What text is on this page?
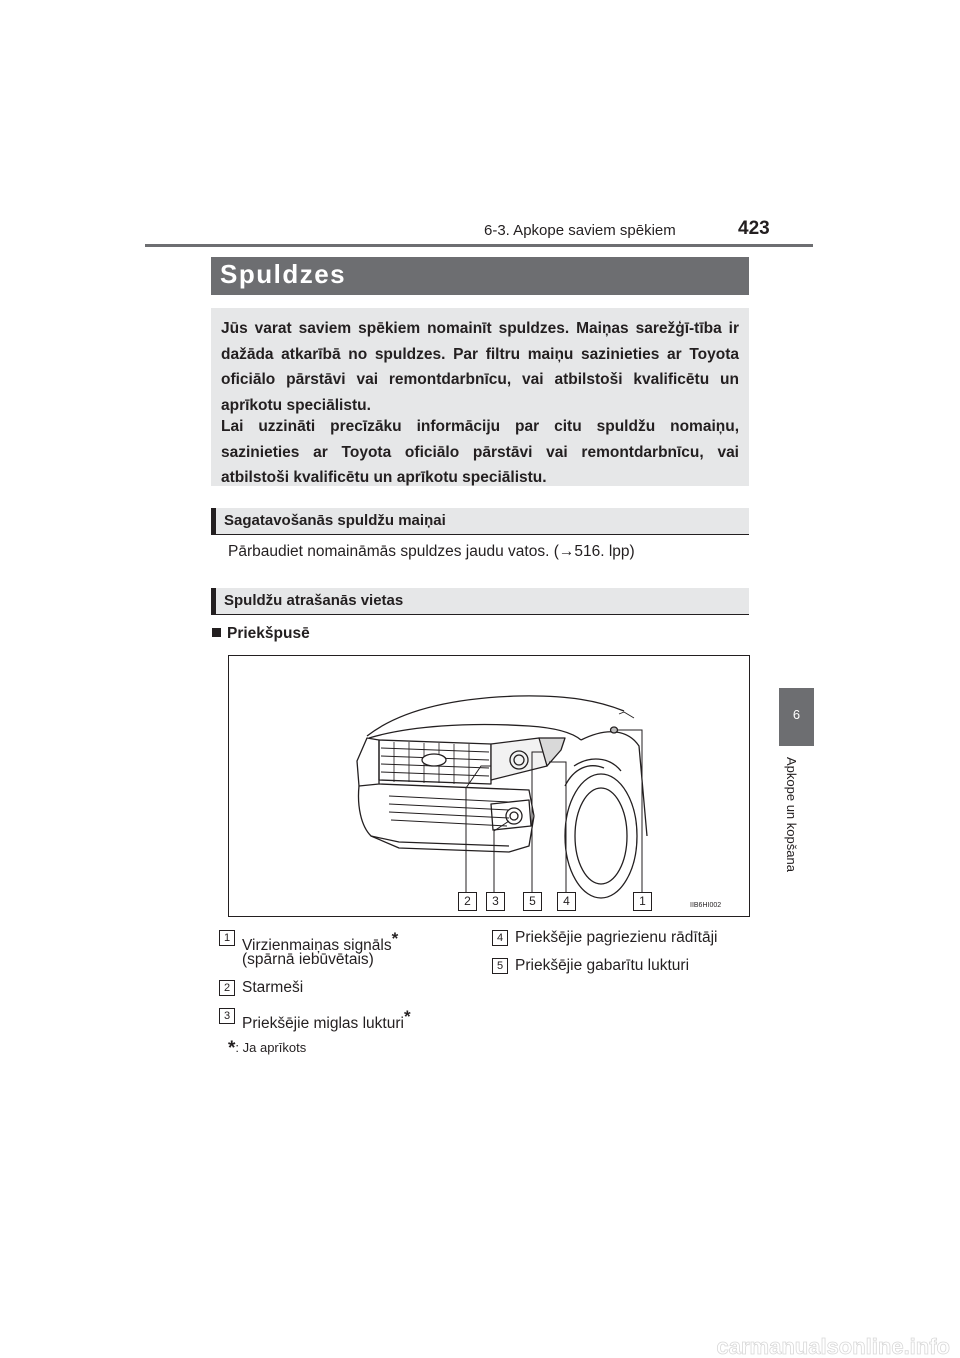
6-3. Apkope saviem spēkiem	423
6
Apkope un kopšana
Spuldzes
Jūs varat saviem spēkiem nomainīt spuldzes. Maiņas sarežģī-tība ir dažāda atkarībā no spuldzes. Par filtru maiņu sazinieties ar Toyota oficiālo pārstāvi vai remontdarbnīcu, vai atbilstoši kvalificētu un aprīkotu speciālistu.
Lai uzzināti precīzāku informāciju par citu spuldžu nomaiņu, sazinieties ar Toyota oficiālo pārstāvi vai remontdarbnīcu, vai atbilstoši kvalificētu un aprīkotu speciālistu.
Sagatavošanās spuldžu maiņai
Pārbaudiet nomaināmās spuldzes jaudu vatos. (→516. lpp)
Spuldžu atrašanās vietas
Priekšpusē
2	3	5	4	1	IIB6HI002
1 Virzienmaiņas signāls*
(spārnā iebūvētais)
2 Starmeši
3 Priekšējie miglas lukturi*
4 Priekšējie pagriezienu rādītāji
5 Priekšējie gabarītu lukturi
*: Ja aprīkots
carmanualsonline.info
